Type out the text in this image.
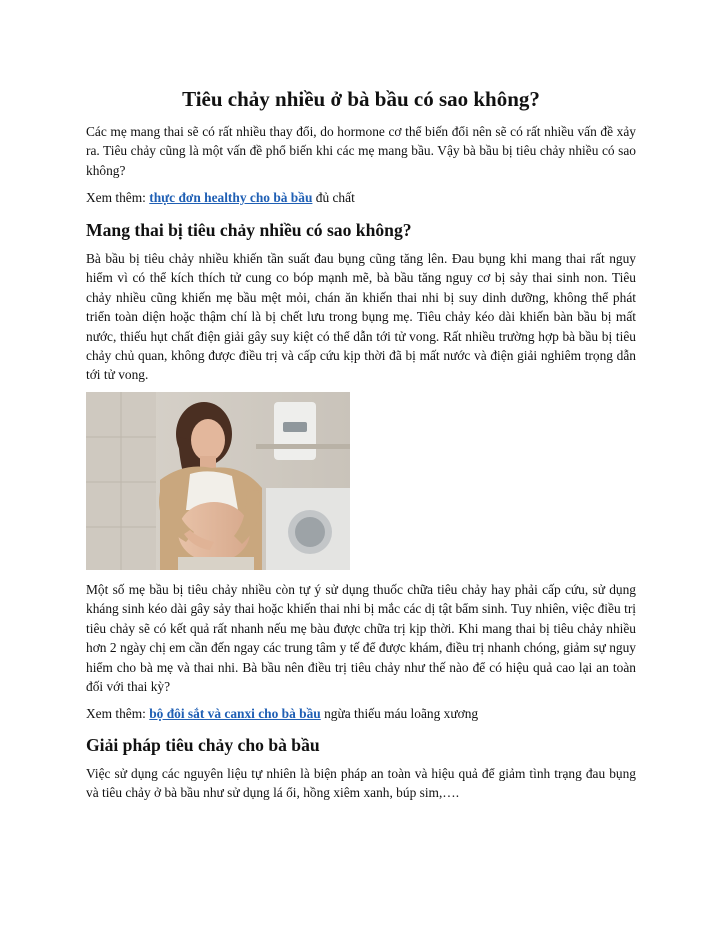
Tiêu chảy nhiều ở bà bầu có sao không?

Các mẹ mang thai sẽ có rất nhiều thay đổi, do hormone cơ thể biến đổi nên sẽ có rất nhiều vấn đề xảy ra. Tiêu chảy cũng là một vấn đề phổ biến khi các mẹ mang bầu. Vậy bà bầu bị tiêu chảy nhiều có sao không?

Xem thêm: thực đơn healthy cho bà bầu đủ chất

Mang thai bị tiêu chảy nhiều có sao không?

Bà bầu bị tiêu chảy nhiều khiến tần suất đau bụng cũng tăng lên. Đau bụng khi mang thai rất nguy hiểm vì có thể kích thích tử cung co bóp mạnh mẽ, bà bầu tăng nguy cơ bị sảy thai sinh non. Tiêu chảy nhiều cũng khiến mẹ bầu mệt mỏi, chán ăn khiến thai nhi bị suy dinh dưỡng, không thể phát triển toàn diện hoặc thậm chí là bị chết lưu trong bụng mẹ. Tiêu chảy kéo dài khiến bàn bầu bị mất nước, thiếu hụt chất điện giải gây suy kiệt có thể dẫn tới tử vong. Rất nhiều trường hợp bà bầu bị tiêu chảy chủ quan, không được điều trị và cấp cứu kịp thời đã bị mất nước và điện giải nghiêm trọng dẫn tới tử vong.

Một số mẹ bầu bị tiêu chảy nhiều còn tự ý sử dụng thuốc chữa tiêu chảy hay phải cấp cứu, sử dụng kháng sinh kéo dài gây sảy thai hoặc khiến thai nhi bị mắc các dị tật bẩm sinh. Tuy nhiên, việc điều trị tiêu chảy sẽ có kết quả rất nhanh nếu mẹ bàu được chữa trị kịp thời. Khi mang thai bị tiêu chảy nhiều hơn 2 ngày chị em cần đến ngay các trung tâm y tế để được khám, điều trị nhanh chóng, giảm sự nguy hiểm cho bà mẹ và thai nhi. Bà bầu nên điều trị tiêu chảy như thế nào để có hiệu quả cao lại an toàn đối với thai kỳ?

Xem thêm: bộ đôi sắt và canxi cho bà bầu ngừa thiếu máu loãng xương

Giải pháp tiêu chảy cho bà bầu

Việc sử dụng các nguyên liệu tự nhiên là biện pháp an toàn và hiệu quả để giảm tình trạng đau bụng và tiêu chảy ở bà bầu như sử dụng lá ổi, hồng xiêm xanh, búp sim,….
